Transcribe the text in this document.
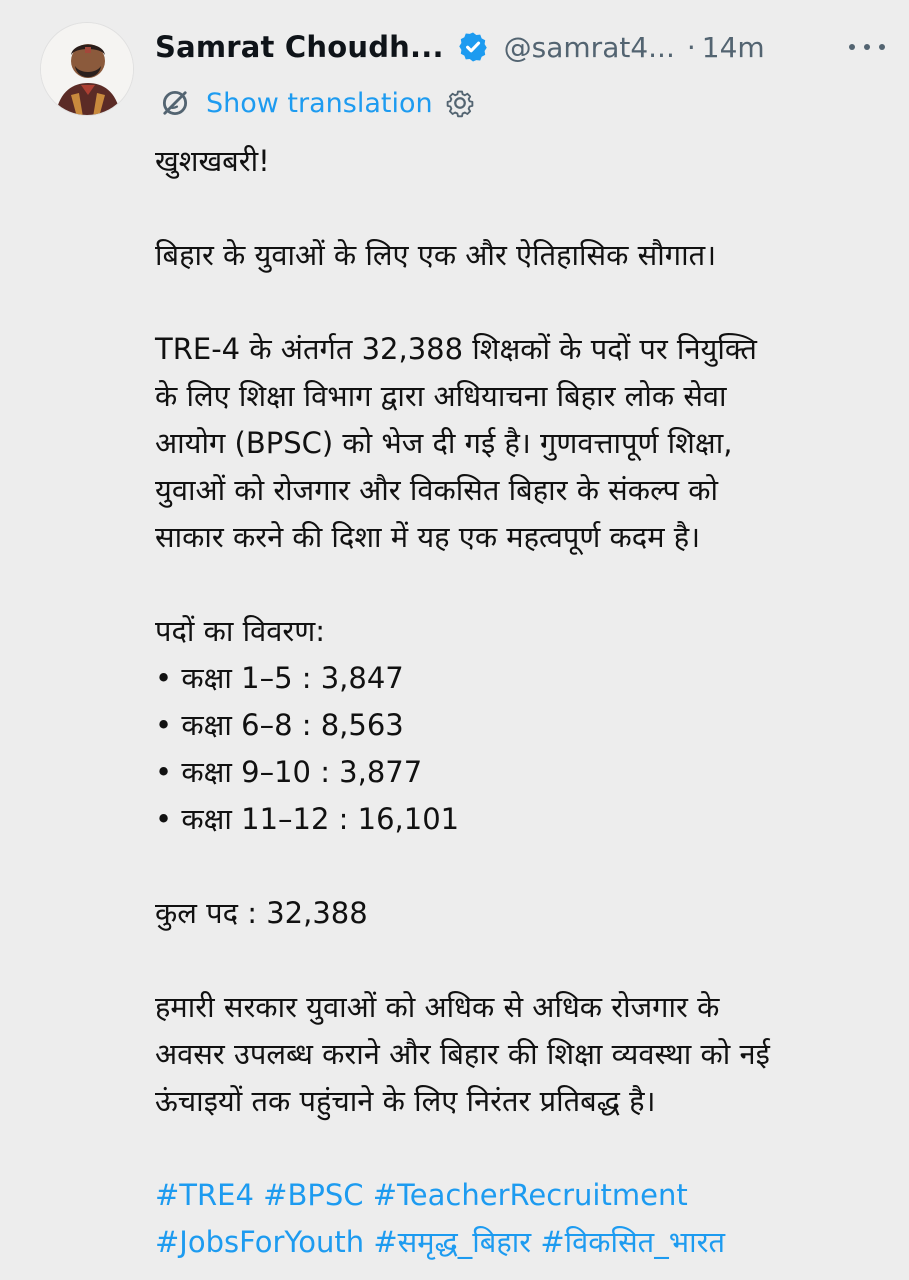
Samrat Choudh... @samrat4... · 14m
Show translation
खुशखबरी!
बिहार के युवाओं के लिए एक और ऐतिहासिक सौगात।
TRE-4 के अंतर्गत 32,388 शिक्षकों के पदों पर नियुक्ति
के लिए शिक्षा विभाग द्वारा अधियाचना बिहार लोक सेवा
आयोग (BPSC) को भेज दी गई है। गुणवत्तापूर्ण शिक्षा,
युवाओं को रोजगार और विकसित बिहार के संकल्प को
साकार करने की दिशा में यह एक महत्वपूर्ण कदम है।
पदों का विवरण:
• कक्षा 1–5 : 3,847
• कक्षा 6–8 : 8,563
• कक्षा 9–10 : 3,877
• कक्षा 11–12 : 16,101
कुल पद : 32,388
हमारी सरकार युवाओं को अधिक से अधिक रोजगार के
अवसर उपलब्ध कराने और बिहार की शिक्षा व्यवस्था को नई
ऊंचाइयों तक पहुंचाने के लिए निरंतर प्रतिबद्ध है।
#TRE4 #BPSC #TeacherRecruitment
#JobsForYouth #समृद्ध_बिहार #विकसित_भारत
